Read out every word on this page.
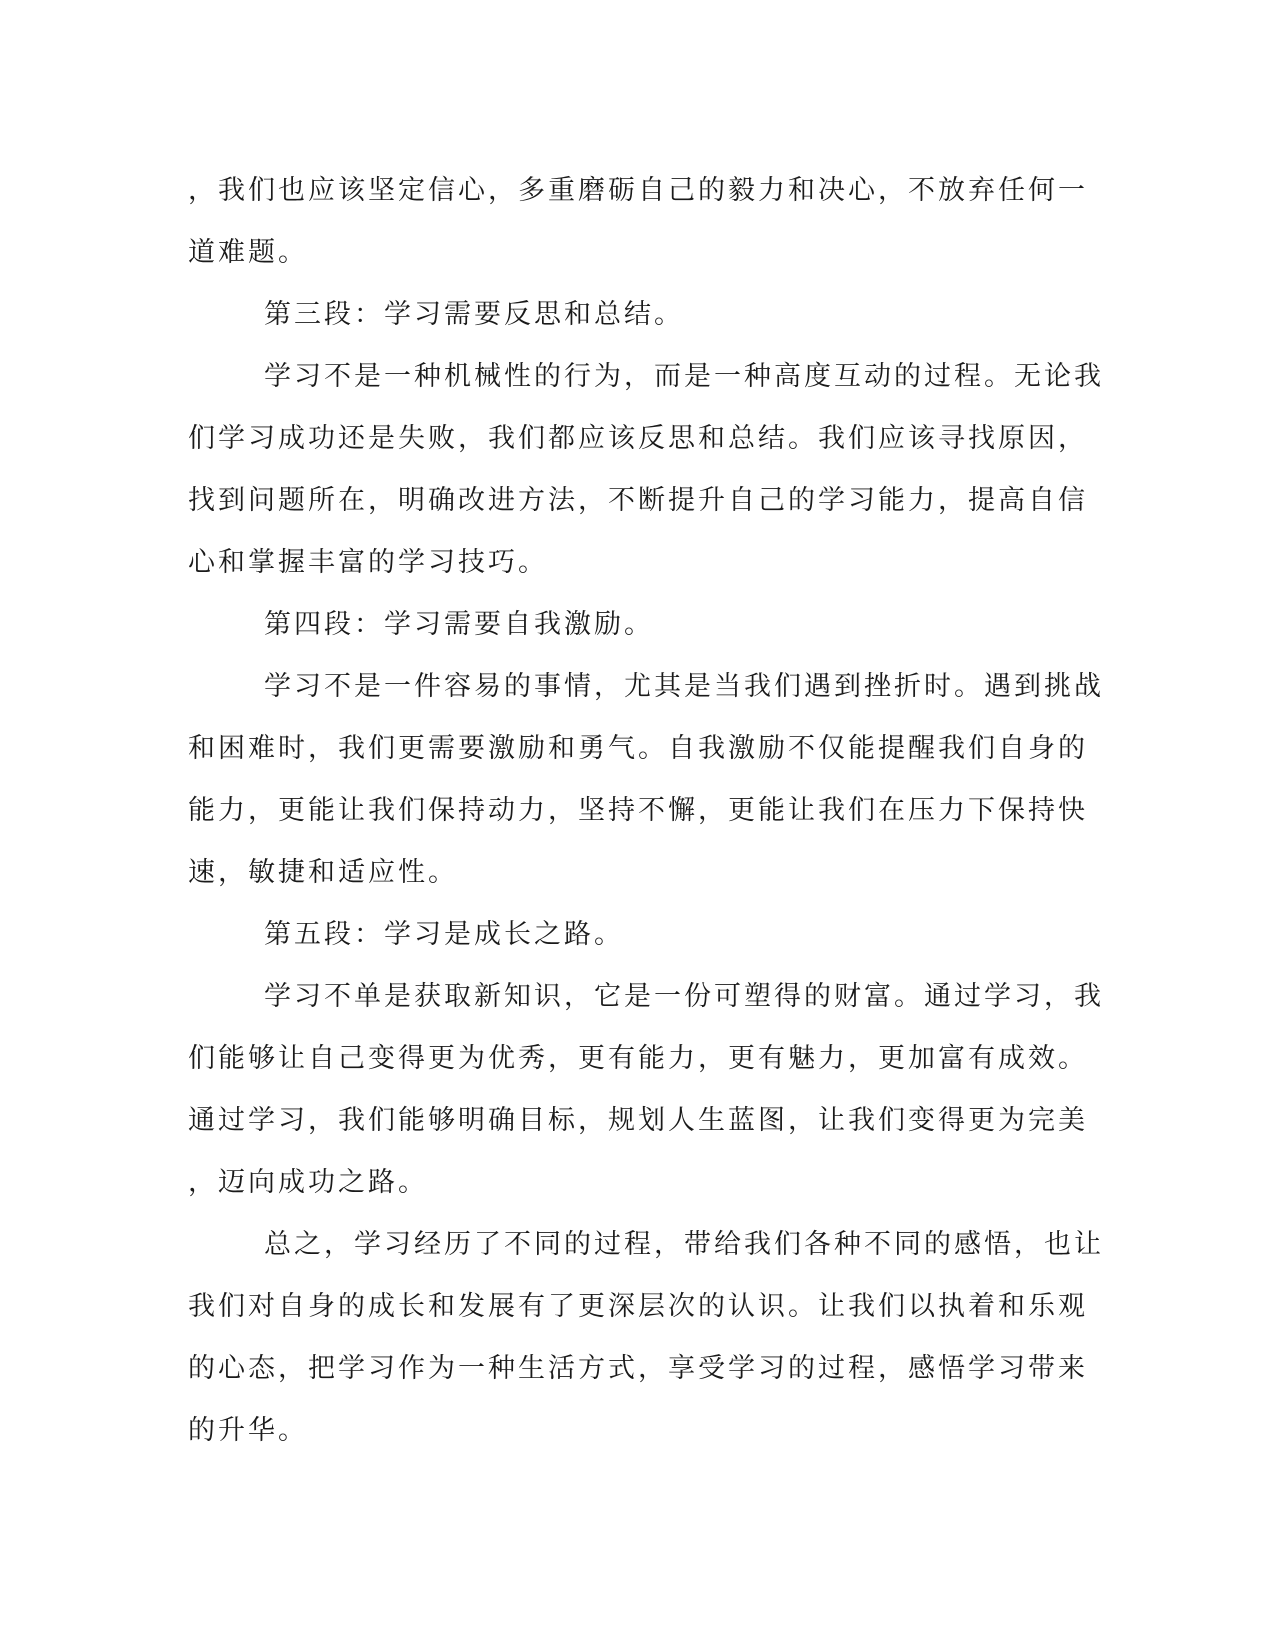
，我们也应该坚定信心，多重磨砺自己的毅力和决心，不放弃任何一
道难题。
第三段：学习需要反思和总结。
学习不是一种机械性的行为，而是一种高度互动的过程。无论我
们学习成功还是失败，我们都应该反思和总结。我们应该寻找原因，
找到问题所在，明确改进方法，不断提升自己的学习能力，提高自信
心和掌握丰富的学习技巧。
第四段：学习需要自我激励。
学习不是一件容易的事情，尤其是当我们遇到挫折时。遇到挑战
和困难时，我们更需要激励和勇气。自我激励不仅能提醒我们自身的
能力，更能让我们保持动力，坚持不懈，更能让我们在压力下保持快
速，敏捷和适应性。
第五段：学习是成长之路。
学习不单是获取新知识，它是一份可塑得的财富。通过学习，我
们能够让自己变得更为优秀，更有能力，更有魅力，更加富有成效。
通过学习，我们能够明确目标，规划人生蓝图，让我们变得更为完美
，迈向成功之路。
总之，学习经历了不同的过程，带给我们各种不同的感悟，也让
我们对自身的成长和发展有了更深层次的认识。让我们以执着和乐观
的心态，把学习作为一种生活方式，享受学习的过程，感悟学习带来
的升华。
